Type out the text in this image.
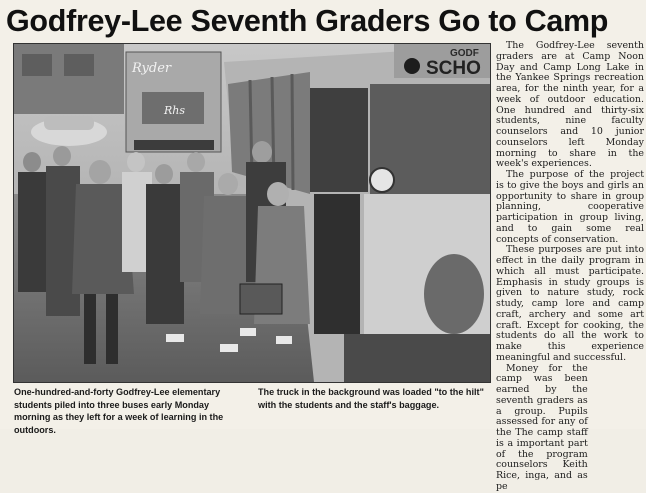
Godfrey-Lee Seventh Graders Go to Camp
Ryder
Rhs
GODF
SCHO
One-hundred-and-forty Godfrey-Lee elementary students piled into three buses early Monday morning as they left for a week of learning in the outdoors.
The truck in the background was loaded "to the hilt" with the students and the staff's baggage.

The Godfrey-Lee seventh graders are at Camp Noon Day and Camp Long Lake in the Yankee Springs recreation area, for the ninth year, for a week of outdoor education. One hundred and thirty-six students, nine faculty counselors and 10 junior counselors left Monday morning to share in the week's experiences.

The purpose of the project is to give the boys and girls an opportunity to share in group planning, cooperative participation in group living, and to gain some real concepts of conservation.

These purposes are put into effect in the daily program in which all must participate. Emphasis in study groups is given to nature study, rock study, camp lore and camp craft, archery and some art craft. Except for cooking, the students do all the work to make this experience meaningful and successful.

Money for the camp was been earned by the seventh graders as a group. Pupils assessed for any of the The camp staff is a important part of the program counselors Keith Rice, inga, and as pe
